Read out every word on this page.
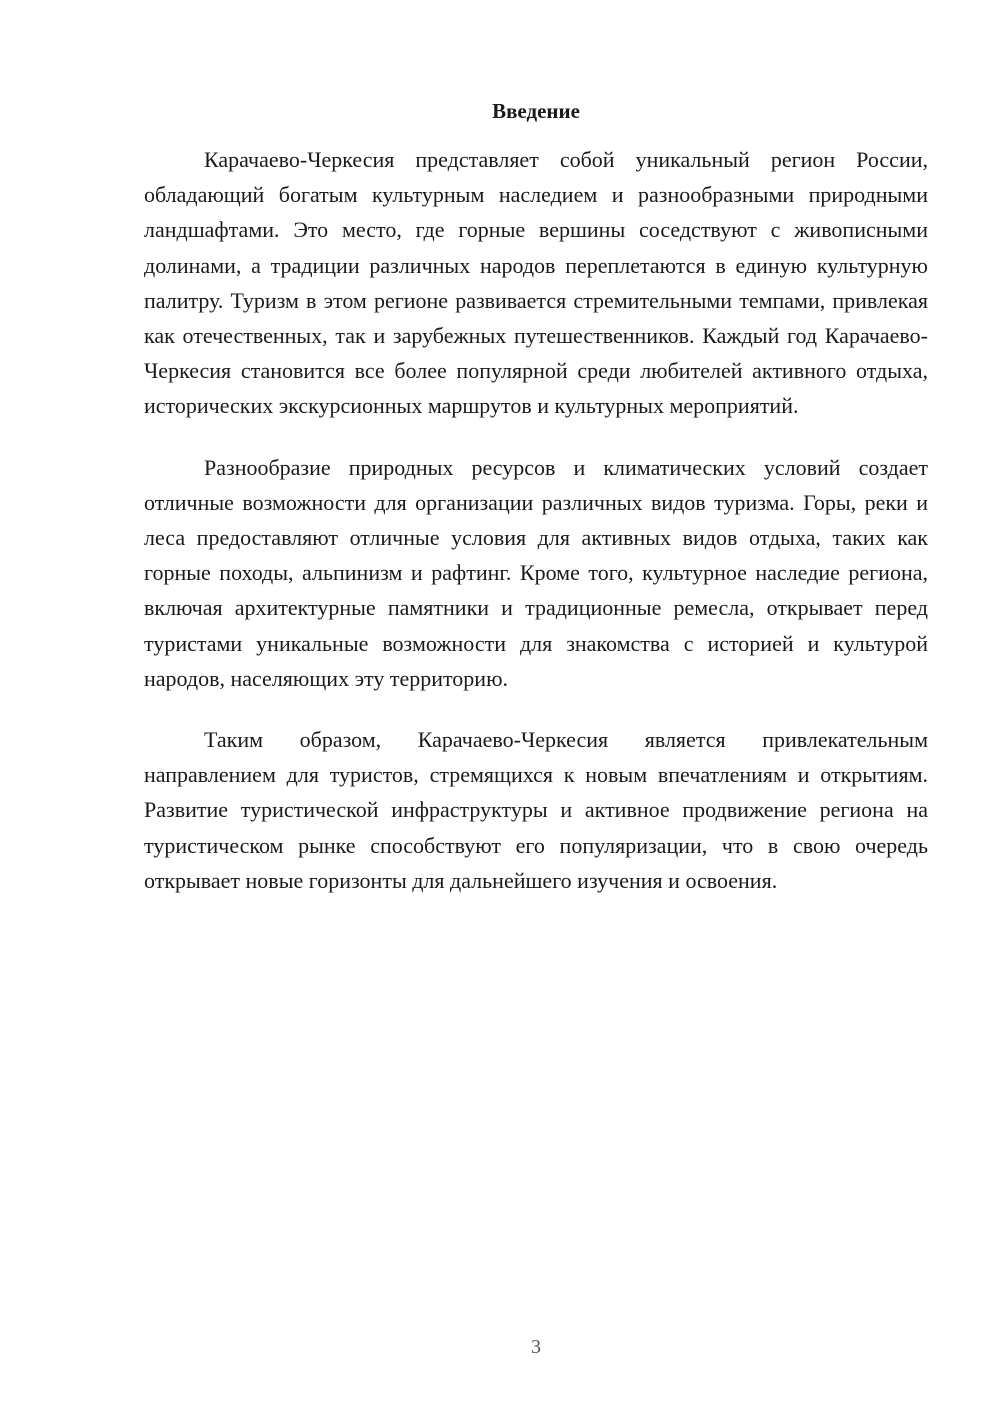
Введение

Карачаево-Черкесия представляет собой уникальный регион России, обладающий богатым культурным наследием и разнообразными природными ландшафтами. Это место, где горные вершины соседствуют с живописными долинами, а традиции различных народов переплетаются в единую культурную палитру. Туризм в этом регионе развивается стремительными темпами, привлекая как отечественных, так и зарубежных путешественников. Каждый год Карачаево-Черкесия становится все более популярной среди любителей активного отдыха, исторических экскурсионных маршрутов и культурных мероприятий.

Разнообразие природных ресурсов и климатических условий создает отличные возможности для организации различных видов туризма. Горы, реки и леса предоставляют отличные условия для активных видов отдыха, таких как горные походы, альпинизм и рафтинг. Кроме того, культурное наследие региона, включая архитектурные памятники и традиционные ремесла, открывает перед туристами уникальные возможности для знакомства с историей и культурой народов, населяющих эту территорию.

Таким образом, Карачаево-Черкесия является привлекательным направлением для туристов, стремящихся к новым впечатлениям и открытиям. Развитие туристической инфраструктуры и активное продвижение региона на туристическом рынке способствуют его популяризации, что в свою очередь открывает новые горизонты для дальнейшего изучения и освоения.

3
